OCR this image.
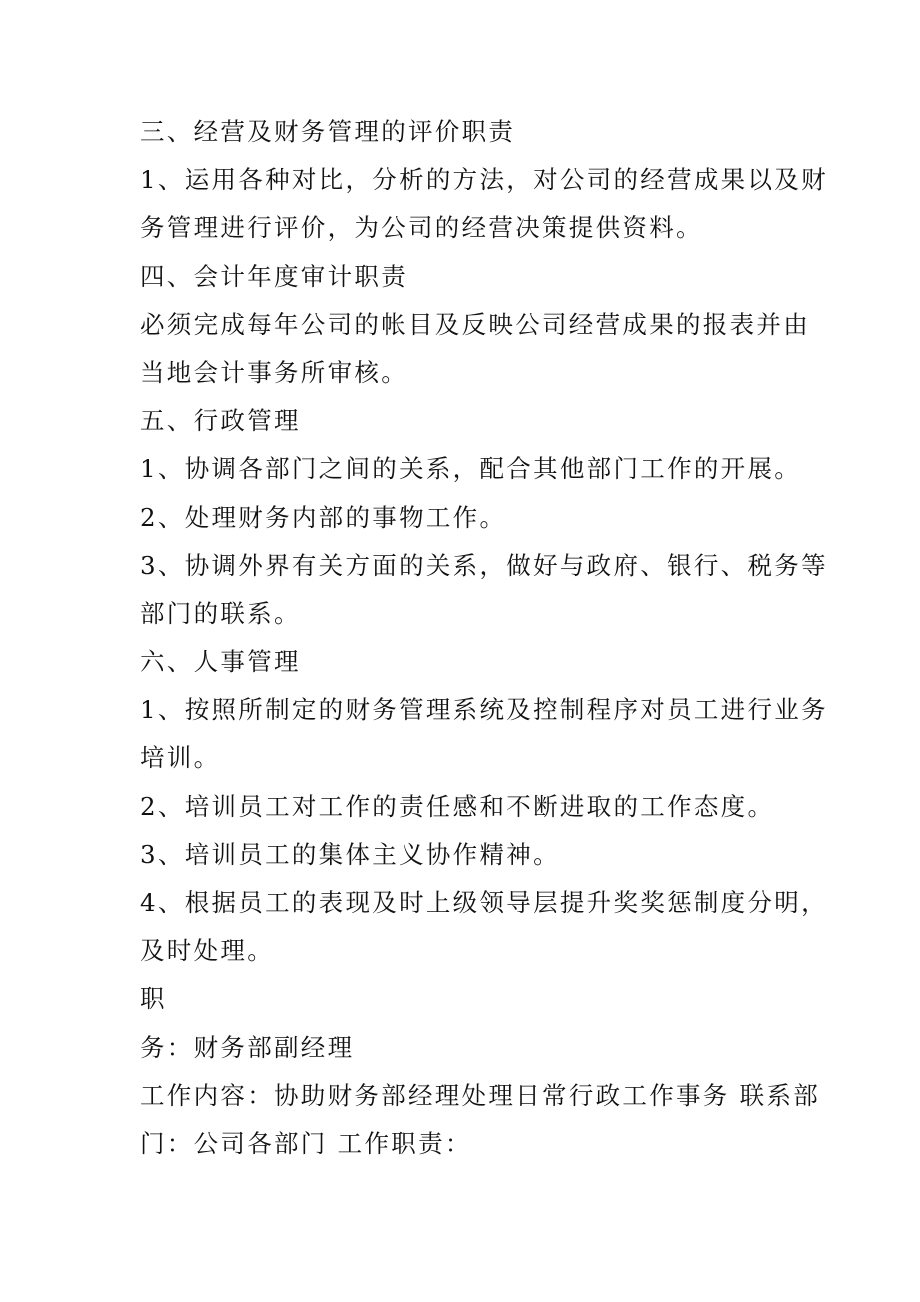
三、经营及财务管理的评价职责
1、运用各种对比，分析的方法，对公司的经营成果以及财
务管理进行评价，为公司的经营决策提供资料。
四、会计年度审计职责
必须完成每年公司的帐目及反映公司经营成果的报表并由
当地会计事务所审核。
五、行政管理
1、协调各部门之间的关系，配合其他部门工作的开展。
2、处理财务内部的事物工作。
3、协调外界有关方面的关系，做好与政府、银行、税务等
部门的联系。
六、人事管理
1、按照所制定的财务管理系统及控制程序对员工进行业务
培训。
2、培训员工对工作的责任感和不断进取的工作态度。
3、培训员工的集体主义协作精神。
4、根据员工的表现及时上级领导层提升奖奖惩制度分明，
及时处理。
职
务：财务部副经理
工作内容：协助财务部经理处理日常行政工作事务 联系部
门：公司各部门 工作职责：
